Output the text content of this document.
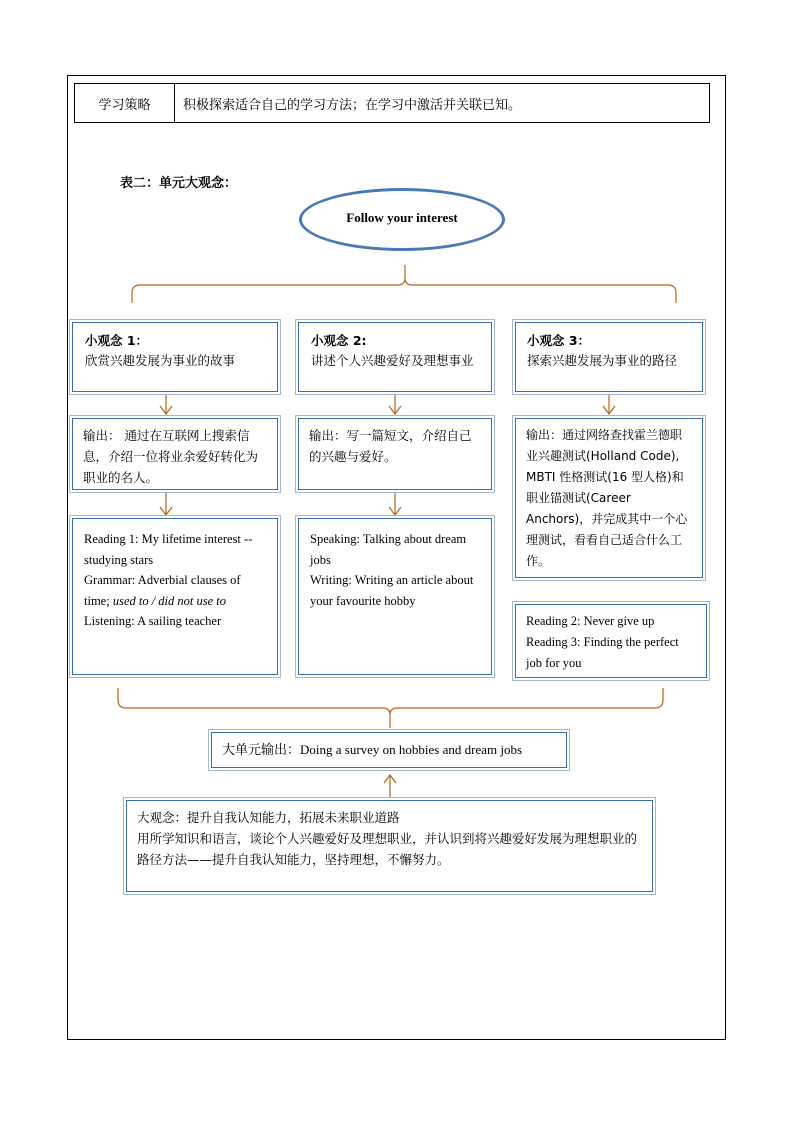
学习策略	积极探索适合自己的学习方法；在学习中激活并关联已知。
表二：单元大观念：
Follow your interest
小观念 1：
欣赏兴趣发展为事业的故事
输出： 通过在互联网上搜索信息，介绍一位将业余爱好转化为职业的名人。
Reading 1: My lifetime interest -- studying stars
Grammar: Adverbial clauses of time; used to / did not use to
Listening: A sailing teacher
小观念 2:
讲述个人兴趣爱好及理想事业
输出：写一篇短文，介绍自己的兴趣与爱好。
Speaking: Talking about dream jobs
Writing: Writing an article about your favourite hobby
小观念 3：
探索兴趣发展为事业的路径
输出：通过网络查找霍兰德职业兴趣测试(Holland Code), MBTI 性格测试(16 型人格)和职业锚测试(Career Anchors)，并完成其中一个心理测试，看看自己适合什么工作。
Reading 2: Never give up
Reading 3: Finding the perfect job for you
大单元输出：Doing a survey on hobbies and dream jobs
大观念：提升自我认知能力，拓展未来职业道路
用所学知识和语言，谈论个人兴趣爱好及理想职业，并认识到将兴趣爱好发展为理想职业的路径方法——提升自我认知能力，坚持理想，不懈努力。
